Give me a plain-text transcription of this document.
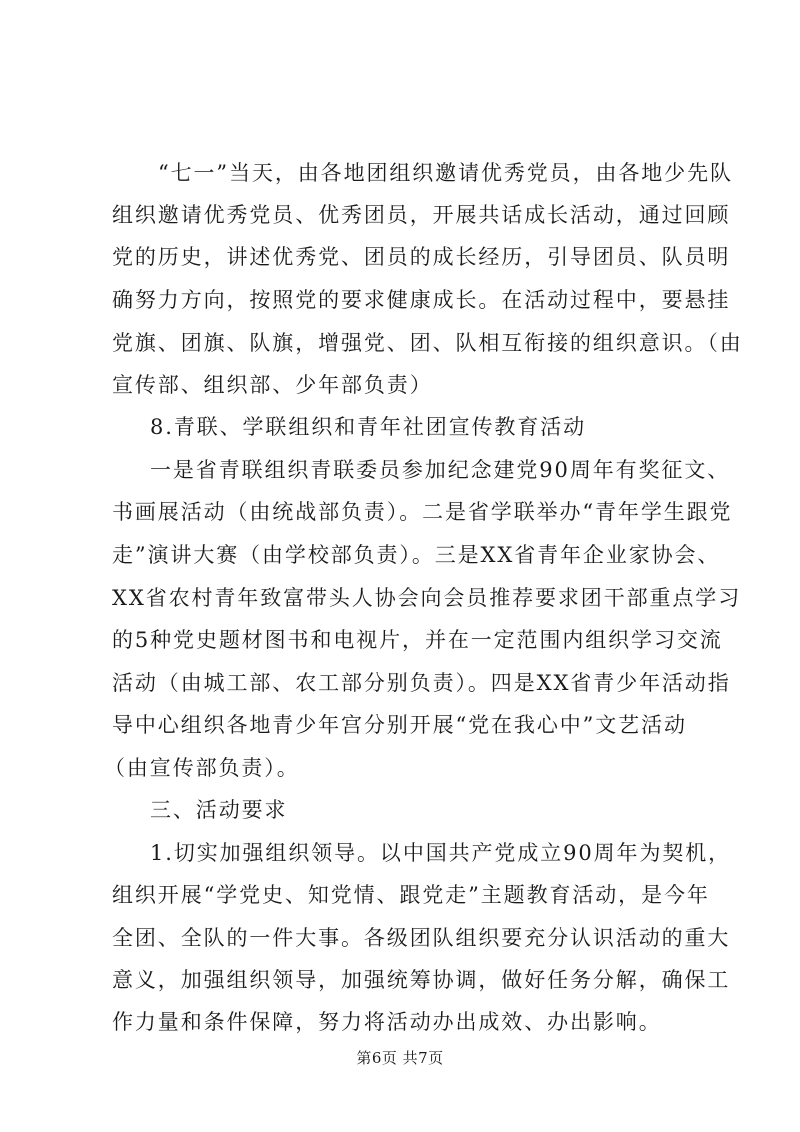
“七一”当天，由各地团组织邀请优秀党员，由各地少先队
组织邀请优秀党员、优秀团员，开展共话成长活动，通过回顾
党的历史，讲述优秀党、团员的成长经历，引导团员、队员明
确努力方向，按照党的要求健康成长。在活动过程中，要悬挂
党旗、团旗、队旗，增强党、团、队相互衔接的组织意识。（由
宣传部、组织部、少年部负责）
8.青联、学联组织和青年社团宣传教育活动
一是省青联组织青联委员参加纪念建党90周年有奖征文、
书画展活动（由统战部负责）。二是省学联举办“青年学生跟党
走”演讲大赛（由学校部负责）。三是XX省青年企业家协会、
XX省农村青年致富带头人协会向会员推荐要求团干部重点学习
的5种党史题材图书和电视片，并在一定范围内组织学习交流
活动（由城工部、农工部分别负责）。四是XX省青少年活动指
导中心组织各地青少年宫分别开展“党在我心中”文艺活动
（由宣传部负责）。
三、活动要求
1.切实加强组织领导。以中国共产党成立90周年为契机，
组织开展“学党史、知党情、跟党走”主题教育活动，是今年
全团、全队的一件大事。各级团队组织要充分认识活动的重大
意义，加强组织领导，加强统筹协调，做好任务分解，确保工
作力量和条件保障，努力将活动办出成效、办出影响。
第6页 共7页
